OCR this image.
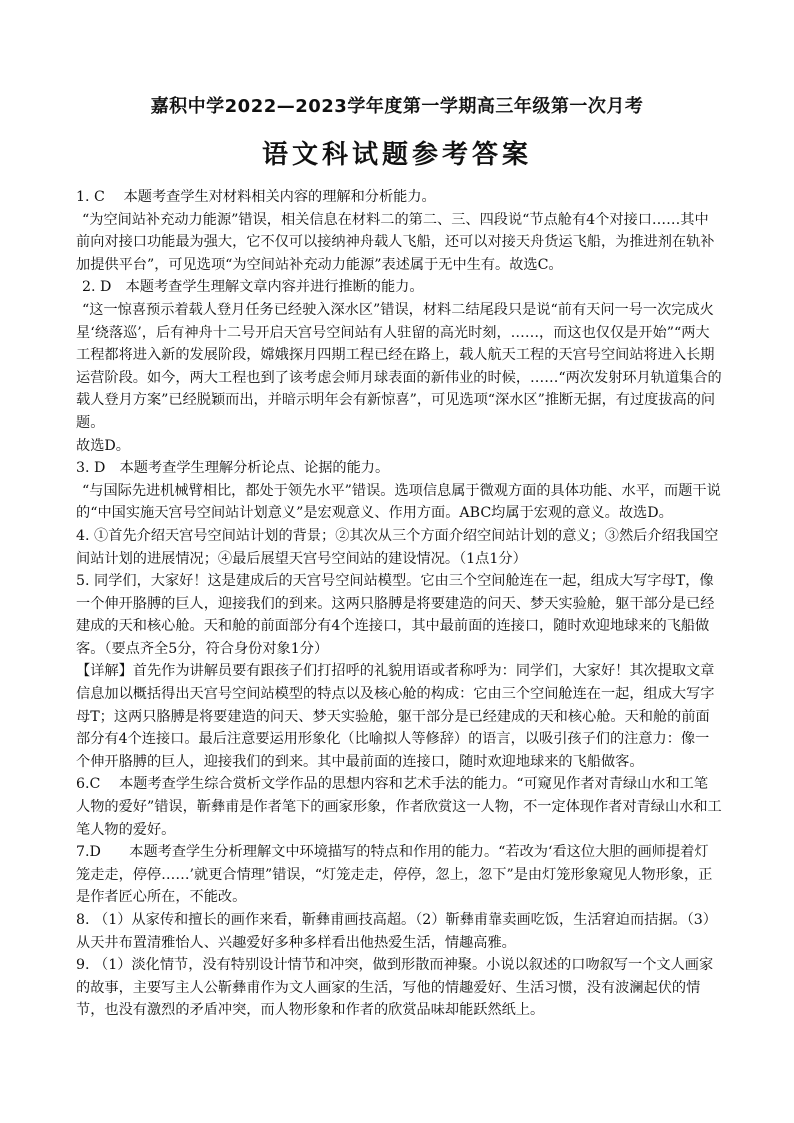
嘉积中学2022—2023学年度第一学期高三年级第一次月考
语文科试题参考答案

1. C　 本题考查学生对材料相关内容的理解和分析能力。

“为空间站补充动力能源”错误，相关信息在材料二的第二、三、四段说“节点舱有4个对接口……其中前向对接口功能最为强大，它不仅可以接纳神舟载人飞船，还可以对接天舟货运飞船，为推进剂在轨补加提供平台”，可见选项“为空间站补充动力能源”表述属于无中生有。故选C。

2. D　本题考查学生理解文章内容并进行推断的能力。

“这一惊喜预示着载人登月任务已经驶入深水区”错误，材料二结尾段只是说“前有天问一号一次完成火星‘绕落巡’，后有神舟十二号开启天宫号空间站有人驻留的高光时刻，……，而这也仅仅是开始”“两大工程都将进入新的发展阶段，嫦娥探月四期工程已经在路上，载人航天工程的天宫号空间站将进入长期运营阶段。如今，两大工程也到了该考虑会师月球表面的新伟业的时候，……“两次发射环月轨道集合的载人登月方案”已经脱颖而出，并暗示明年会有新惊喜”，可见选项“深水区”推断无据，有过度拔高的问题。

故选D。

3. D　本题考查学生理解分析论点、论据的能力。

“与国际先进机械臂相比，都处于领先水平”错误。选项信息属于微观方面的具体功能、水平，而题干说的“中国实施天宫号空间站计划意义”是宏观意义、作用方面。ABC均属于宏观的意义。故选D。

4. ①首先介绍天宫号空间站计划的背景；②其次从三个方面介绍空间站计划的意义；③然后介绍我国空间站计划的进展情况；④最后展望天宫号空间站的建设情况。（1点1分）

5. 同学们，大家好！这是建成后的天宫号空间站模型。它由三个空间舱连在一起，组成大写字母T，像一个伸开胳膊的巨人，迎接我们的到来。这两只胳膊是将要建造的问天、梦天实验舱，躯干部分是已经建成的天和核心舱。天和舱的前面部分有4个连接口，其中最前面的连接口，随时欢迎地球来的飞船做客。（要点齐全5分，符合身份对象1分）

【详解】首先作为讲解员要有跟孩子们打招呼的礼貌用语或者称呼为：同学们，大家好！其次提取文章信息加以概括得出天宫号空间站模型的特点以及核心舱的构成：它由三个空间舱连在一起，组成大写字母T；这两只胳膊是将要建造的问天、梦天实验舱，躯干部分是已经建成的天和核心舱。天和舱的前面部分有4个连接口。最后注意要运用形象化（比喻拟人等修辞）的语言，以吸引孩子们的注意力：像一个伸开胳膊的巨人，迎接我们的到来。其中最前面的连接口，随时欢迎地球来的飞船做客。

6.C　 本题考查学生综合赏析文学作品的思想内容和艺术手法的能力。“可窥见作者对青绿山水和工笔人物的爱好”错误，靳彝甫是作者笔下的画家形象，作者欣赏这一人物，不一定体现作者对青绿山水和工笔人物的爱好。

7.D　　本题考查学生分析理解文中环境描写的特点和作用的能力。“若改为‘看这位大胆的画师提着灯笼走走，停停……’就更合情理”错误，“灯笼走走，停停，忽上，忽下”是由灯笼形象窥见人物形象，正是作者匠心所在，不能改。

8. （1）从家传和擅长的画作来看，靳彝甫画技高超。（2）靳彝甫靠卖画吃饭，生活窘迫而拮据。（3）从天井布置清雅怡人、兴趣爱好多种多样看出他热爱生活，情趣高雅。

9. （1）淡化情节，没有特别设计情节和冲突，做到形散而神聚。小说以叙述的口吻叙写一个文人画家的故事，主要写主人公靳彝甫作为文人画家的生活，写他的情趣爱好、生活习惯，没有波澜起伏的情节，也没有激烈的矛盾冲突，而人物形象和作者的欣赏品味却能跃然纸上。
